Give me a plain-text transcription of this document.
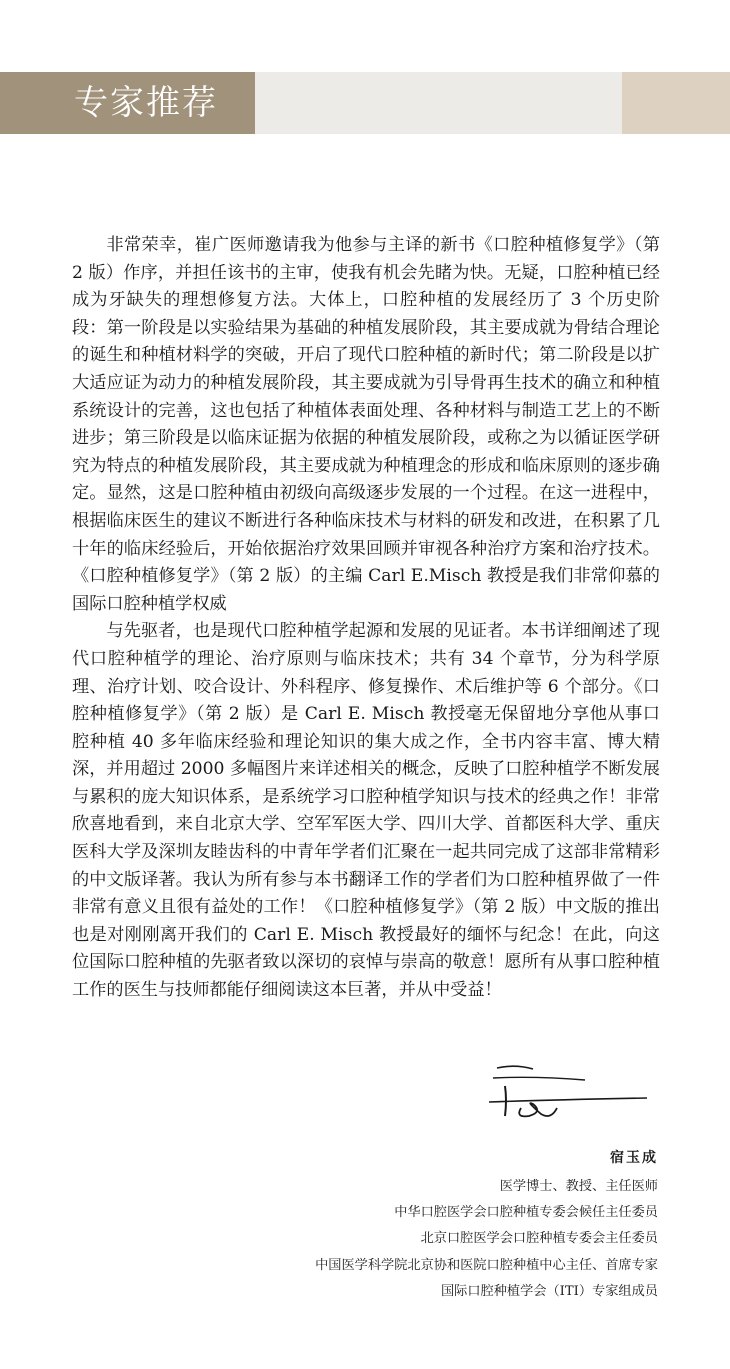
专家推荐

非常荣幸，崔广医师邀请我为他参与主译的新书《口腔种植修复学》（第 2 版）作序，并担任该书的主审，使我有机会先睹为快。无疑，口腔种植已经成为牙缺失的理想修复方法。大体上，口腔种植的发展经历了 3 个历史阶段：第一阶段是以实验结果为基础的种植发展阶段，其主要成就为骨结合理论的诞生和种植材料学的突破，开启了现代口腔种植的新时代；第二阶段是以扩大适应证为动力的种植发展阶段，其主要成就为引导骨再生技术的确立和种植系统设计的完善，这也包括了种植体表面处理、各种材料与制造工艺上的不断进步；第三阶段是以临床证据为依据的种植发展阶段，或称之为以循证医学研究为特点的种植发展阶段，其主要成就为种植理念的形成和临床原则的逐步确定。显然，这是口腔种植由初级向高级逐步发展的一个过程。在这一进程中，根据临床医生的建议不断进行各种临床技术与材料的研发和改进，在积累了几十年的临床经验后，开始依据治疗效果回顾并审视各种治疗方案和治疗技术。《口腔种植修复学》（第 2 版）的主编 Carl E.Misch 教授是我们非常仰慕的国际口腔种植学权威

与先驱者，也是现代口腔种植学起源和发展的见证者。本书详细阐述了现代口腔种植学的理论、治疗原则与临床技术；共有 34 个章节，分为科学原理、治疗计划、咬合设计、外科程序、修复操作、术后维护等 6 个部分。《口腔种植修复学》（第 2 版）是 Carl E. Misch 教授毫无保留地分享他从事口腔种植 40 多年临床经验和理论知识的集大成之作，全书内容丰富、博大精深，并用超过 2000 多幅图片来详述相关的概念，反映了口腔种植学不断发展与累积的庞大知识体系，是系统学习口腔种植学知识与技术的经典之作！非常欣喜地看到，来自北京大学、空军军医大学、四川大学、首都医科大学、重庆医科大学及深圳友睦齿科的中青年学者们汇聚在一起共同完成了这部非常精彩的中文版译著。我认为所有参与本书翻译工作的学者们为口腔种植界做了一件非常有意义且很有益处的工作！《口腔种植修复学》（第 2 版）中文版的推出也是对刚刚离开我们的 Carl E. Misch 教授最好的缅怀与纪念！在此，向这位国际口腔种植的先驱者致以深切的哀悼与崇高的敬意！愿所有从事口腔种植工作的医生与技师都能仔细阅读这本巨著，并从中受益！

宿玉成
医学博士、教授、主任医师
中华口腔医学会口腔种植专委会候任主任委员
北京口腔医学会口腔种植专委会主任委员
中国医学科学院北京协和医院口腔种植中心主任、首席专家
国际口腔种植学会（ITI）专家组成员
